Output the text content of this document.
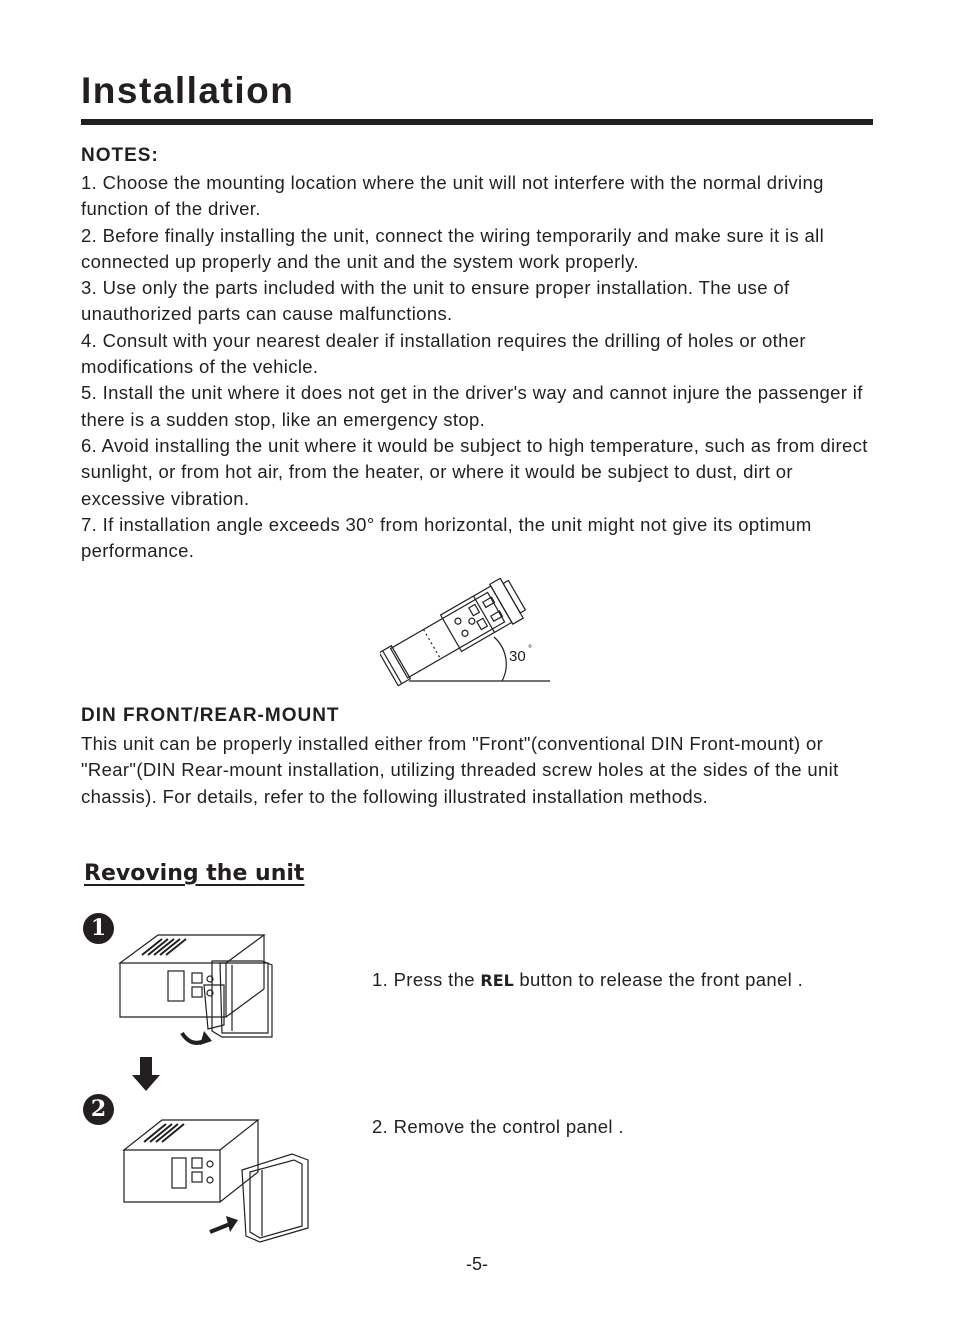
Installation
NOTES:

1. Choose the mounting location where the unit will not interfere with the normal driving function of the driver.

2. Before finally installing the unit, connect the wiring temporarily and make sure it is all connected up properly and the unit and the system work properly.

3. Use only the parts included with the unit to ensure proper installation. The use of unauthorized parts can cause malfunctions.

4. Consult with your nearest dealer if installation requires the drilling of holes or other modifications of the vehicle.

5. Install the unit where it does not get in the driver's way and cannot injure the passenger if there is a sudden stop, like an emergency stop.

6. Avoid installing the unit where it would be subject to high temperature, such as from direct sunlight, or from hot air, from the heater, or where it would be subject to dust, dirt or excessive vibration.

7. If installation angle exceeds 30° from horizontal, the unit might not give its optimum performance.

30 °
DIN FRONT/REAR-MOUNT

This unit can be properly installed either from "Front"(conventional DIN Front-mount) or "Rear"(DIN Rear-mount installation, utilizing threaded screw holes at the sides of the unit chassis). For details, refer to the following illustrated installation methods.

Revoving the unit
1
2

1. Press the REL button to release the front panel .

2. Remove the control panel .

-5-
